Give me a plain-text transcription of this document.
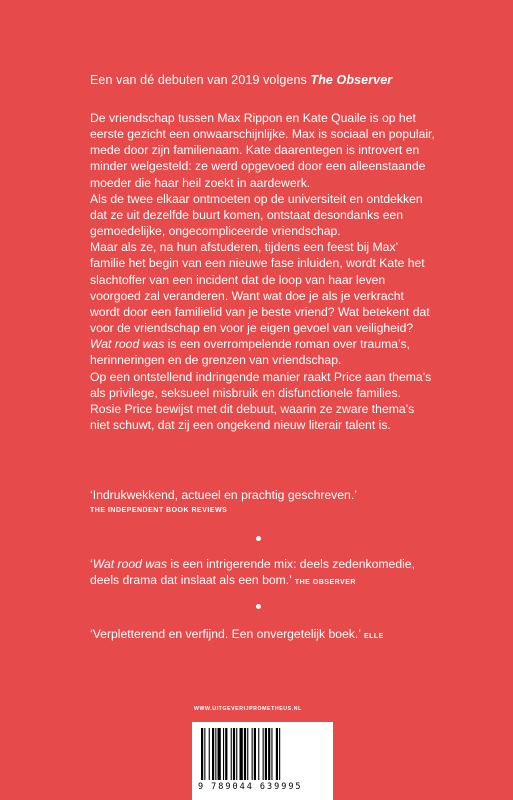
Een van dé debuten van 2019 volgens The Observer

De vriendschap tussen Max Rippon en Kate Quaile is op het eerste gezicht een onwaarschijnlijke. Max is sociaal en populair, mede door zijn familienaam. Kate daarentegen is introvert en minder welgesteld: ze werd opgevoed door een alleenstaande moeder die haar heil zoekt in aardewerk.

Als de twee elkaar ontmoeten op de universiteit en ontdekken dat ze uit dezelfde buurt komen, ontstaat desondanks een gemoedelijke, ongecompliceerde vriendschap.

Maar als ze, na hun afstuderen, tijdens een feest bij Max’ familie het begin van een nieuwe fase inluiden, wordt Kate het slachtoffer van een incident dat de loop van haar leven voorgoed zal veranderen. Want wat doe je als je verkracht wordt door een familielid van je beste vriend? Wat betekent dat voor de vriendschap en voor je eigen gevoel van veiligheid? Wat rood was is een overrompelende roman over trauma’s, herinneringen en de grenzen van vriendschap.

Op een ontstellend indringende manier raakt Price aan thema’s als privilege, seksueel misbruik en disfunctionele families.

Rosie Price bewijst met dit debuut, waarin ze zware thema’s niet schuwt, dat zij een ongekend nieuw literair talent is.

‘Indrukwekkend, actueel en prachtig geschreven.’
THE INDEPENDENT BOOK REVIEWS
‘Wat rood was is een intrigerende mix: deels zedenkomedie, deels drama dat inslaat als een bom.’ THE OBSERVER
‘Verpletterend en verfijnd. Een onvergetelijk boek.’ ELLE
WWW.UITGEVERIJPROMETHEUS.NL
9 789044 639995
